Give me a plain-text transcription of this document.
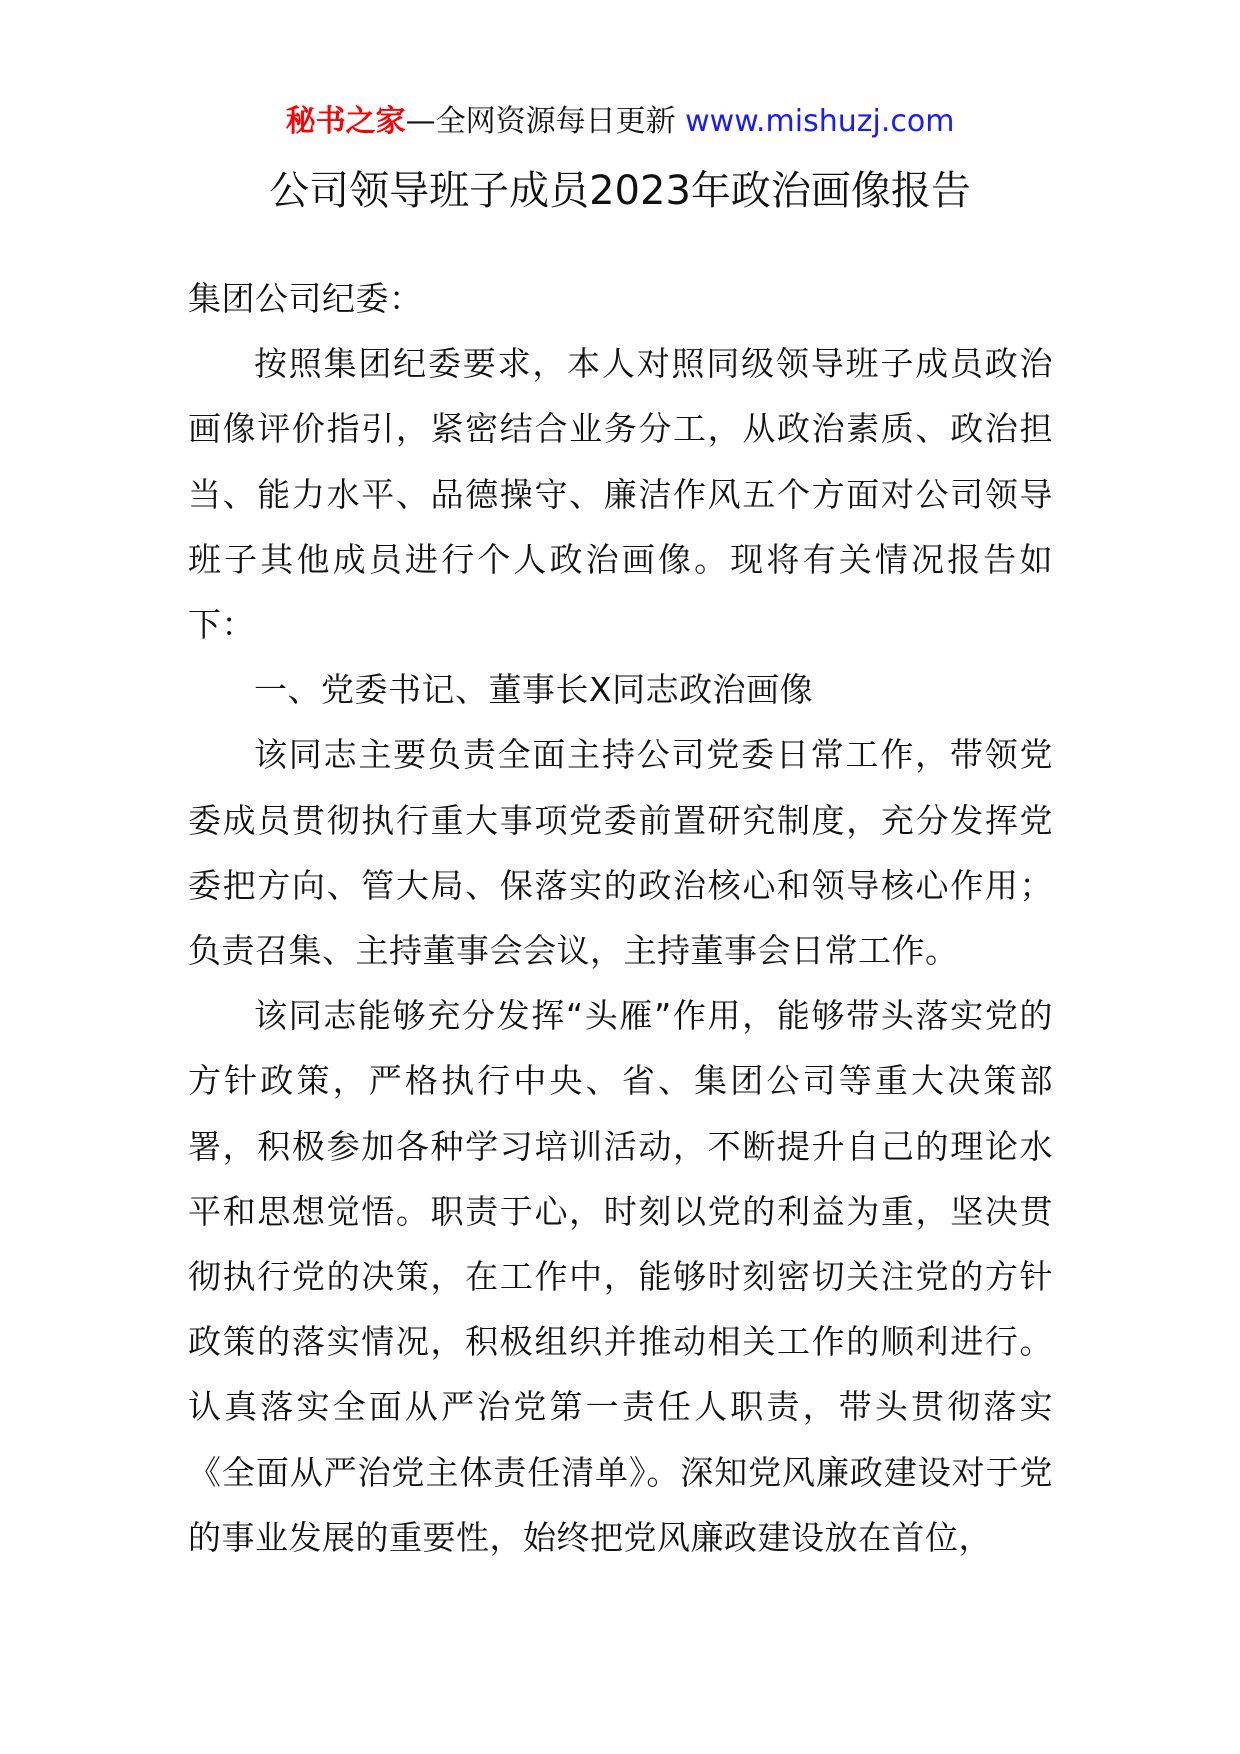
秘书之家—全网资源每日更新 www.mishuzj.com
公司领导班子成员2023年政治画像报告

集团公司纪委：

按照集团纪委要求，本人对照同级领导班子成员政治画像评价指引，紧密结合业务分工，从政治素质、政治担当、能力水平、品德操守、廉洁作风五个方面对公司领导班子其他成员进行个人政治画像。现将有关情况报告如下：

一、党委书记、董事长X同志政治画像

该同志主要负责全面主持公司党委日常工作，带领党委成员贯彻执行重大事项党委前置研究制度，充分发挥党委把方向、管大局、保落实的政治核心和领导核心作用；负责召集、主持董事会会议，主持董事会日常工作。

该同志能够充分发挥“头雁”作用，能够带头落实党的方针政策，严格执行中央、省、集团公司等重大决策部署，积极参加各种学习培训活动，不断提升自己的理论水平和思想觉悟。职责于心，时刻以党的利益为重，坚决贯彻执行党的决策，在工作中，能够时刻密切关注党的方针政策的落实情况，积极组织并推动相关工作的顺利进行。认真落实全面从严治党第一责任人职责，带头贯彻落实《全面从严治党主体责任清单》。深知党风廉政建设对于党的事业发展的重要性，始终把党风廉政建设放在首位，
